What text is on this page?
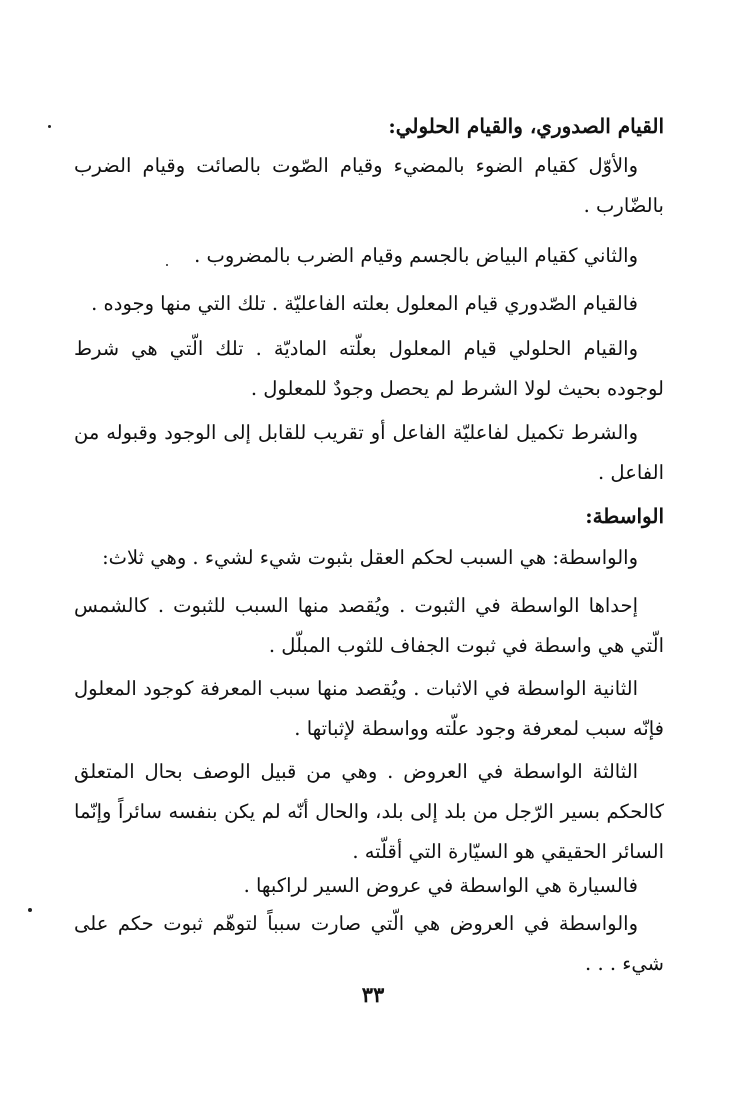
القيام الصدوري، والقيام الحلولي:

والأوّل كقيام الضوء بالمضيء وقيام الصّوت بالصائت وقيام الضرب بالضّارب .

والثاني كقيام البياض بالجسم وقيام الضرب بالمضروب .

فالقيام الصّدوري قيام المعلول بعلته الفاعليّة . تلك التي منها وجوده .

والقيام الحلولي قيام المعلول بعلّته الماديّة . تلك الّتي هي شرط لوجوده بحيث لولا الشرط لم يحصل وجودٌ للمعلول .

والشرط تكميل لفاعليّة الفاعل أو تقريب للقابل إلى الوجود وقبوله من الفاعل .

الواسطة:

والواسطة: هي السبب لحكم العقل بثبوت شيء لشيء . وهي ثلاث:

إحداها الواسطة في الثبوت . ويُقصد منها السبب للثبوت . كالشمس الّتي هي واسطة في ثبوت الجفاف للثوب المبلّل .

الثانية الواسطة في الاثبات . ويُقصد منها سبب المعرفة كوجود المعلول فإنّه سبب لمعرفة وجود علّته وواسطة لإثباتها .

الثالثة الواسطة في العروض . وهي من قبيل الوصف بحال المتعلق كالحكم بسير الرّجل من بلد إلى بلد، والحال أنّه لم يكن بنفسه سائراً وإنّما السائر الحقيقي هو السيّارة التي أقلّته .

فالسيارة هي الواسطة في عروض السير لراكبها .

والواسطة في العروض هي الّتي صارت سبباً لتوهّم ثبوت حكم على شيء . . .

٣٣
